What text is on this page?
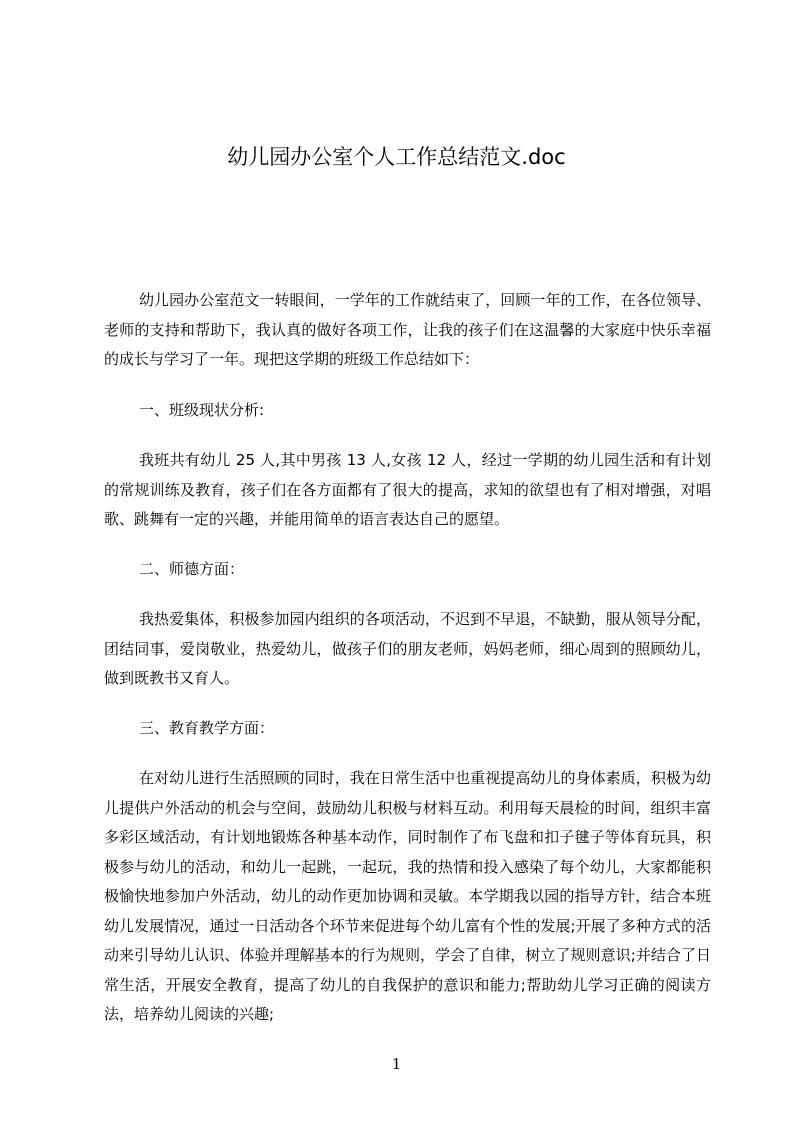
幼儿园办公室个人工作总结范文.doc

幼儿园办公室范文一转眼间，一学年的工作就结束了，回顾一年的工作，在各位领导、老师的支持和帮助下，我认真的做好各项工作，让我的孩子们在这温馨的大家庭中快乐幸福的成长与学习了一年。现把这学期的班级工作总结如下：

一、班级现状分析:

我班共有幼儿 25 人,其中男孩 13 人,女孩 12 人，经过一学期的幼儿园生活和有计划的常规训练及教育，孩子们在各方面都有了很大的提高，求知的欲望也有了相对增强，对唱歌、跳舞有一定的兴趣，并能用简单的语言表达自己的愿望。

二、师德方面：

我热爱集体，积极参加园内组织的各项活动，不迟到不早退，不缺勤，服从领导分配，团结同事，爱岗敬业，热爱幼儿，做孩子们的朋友老师，妈妈老师，细心周到的照顾幼儿，做到既教书又育人。

三、教育教学方面：

在对幼儿进行生活照顾的同时，我在日常生活中也重视提高幼儿的身体素质，积极为幼儿提供户外活动的机会与空间，鼓励幼儿积极与材料互动。利用每天晨检的时间，组织丰富多彩区域活动，有计划地锻炼各种基本动作，同时制作了布飞盘和扣子毽子等体育玩具，积极参与幼儿的活动，和幼儿一起跳，一起玩，我的热情和投入感染了每个幼儿，大家都能积极愉快地参加户外活动，幼儿的动作更加协调和灵敏。本学期我以园的指导方针，结合本班幼儿发展情况，通过一日活动各个环节来促进每个幼儿富有个性的发展;开展了多种方式的活动来引导幼儿认识、体验并理解基本的行为规则，学会了自律，树立了规则意识;并结合了日常生活，开展安全教育，提高了幼儿的自我保护的意识和能力;帮助幼儿学习正确的阅读方法，培养幼儿阅读的兴趣;

1
